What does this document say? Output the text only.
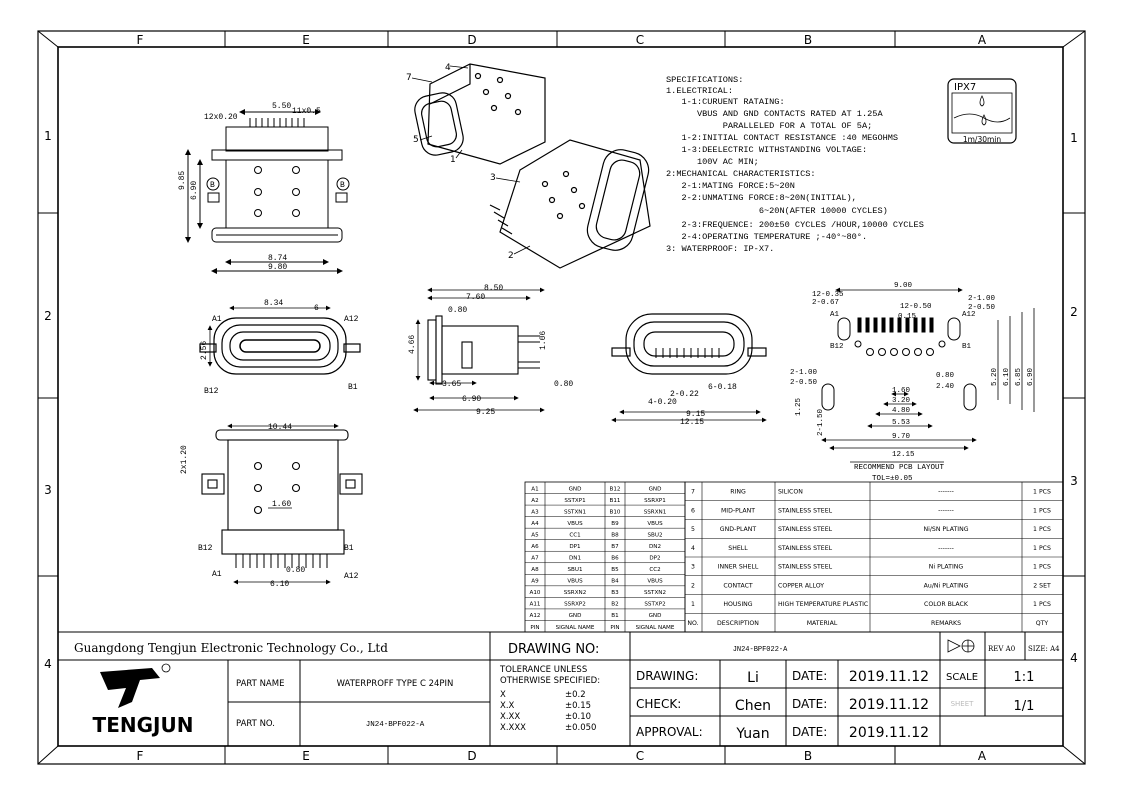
F	E	D	C	B	A
F	E	D	C	B	A
1
2
3
4
1
2
3
4
5.50
12x0.20
11x0.5
8.74
9.80
9.85
6.90 B	B
7
4
5
1
3
2
SPECIFICATIONS:
1.ELECTRICAL:
1-1:CURUENT RATAING:
VBUS AND GND CONTACTS RATED AT 1.25A
PARALLELED FOR A TOTAL OF 5A;
1-2:INITIAL CONTACT RESISTANCE :40 MEGOHMS
1-3:DEELECTRIC WITHSTANDING VOLTAGE:
100V AC MIN;
2:MECHANICAL CHARACTERISTICS:
2-1:MATING FORCE:5~20N
2-2:UNMATING FORCE:8~20N(INITIAL),
6~20N(AFTER 10000 CYCLES)
2-3:FREQUENCE: 200±50 CYCLES /HOUR,10000 CYCLES
2-4:OPERATING TEMPERATURE ;-40°~80°.
3: WATERPROOF: IP-X7.
IPX7
1m/30min
8.34
6
A1	A12
B12	B1
2.56
8.50
7.60
0.80
4.66	1.06
3.65
6.90
9.25
0.80
2-0.22
4-0.20
6-0.18
9.15
12.15
9.00
12-0.35
2-0.67	12-0.50
2-1.00
2-0.50
0.15
A1	A12
B12	B1
2-1.00
2-0.50
0.80
2.40
1.60
3.20
4.80
5.53
9.70
12.15
2-1.50
1.25
5.20 6.10 6.85 6.90
RECOMMEND PCB LAYOUT
TOL=±0.05
10.44
2x1.20
1.60
0.80
6.10
B12	B1
A1	A12
A1	GND	B12	GND
A2	SSTXP1	B11	SSRXP1
A3	SSTXN1	B10	SSRXN1
A4	VBUS	B9	VBUS
A5	CC1	B8	SBU2
A6	DP1	B7	DN2
A7	DN1	B6	DP2
A8	SBU1	B5	CC2
A9	VBUS	B4	VBUS
A10	SSRXN2	B3	SSTXN2
A11	SSRXP2	B2	SSTXP2
A12	GND	B1	GND
PIN	SIGNAL NAME	PIN	SIGNAL NAME
7	RING	SILICON	-------	1 PCS
6	MID-PLANT	STAINLESS STEEL	-------	1 PCS
5	GND-PLANT	STAINLESS STEEL	Ni/SN PLATING	1 PCS
4	SHELL	STAINLESS STEEL	-------	1 PCS
3	INNER SHELL	STAINLESS STEEL	Ni PLATING	1 PCS
2	CONTACT	COPPER ALLOY	Au/Ni PLATING	2 SET
1	HOUSING	HIGH TEMPERATURE PLASTIC	COLOR BLACK	1 PCS
NO.	DESCRIPTION	MATERIAL	REMARKS	QTY
Guangdong Tengjun Electronic Technology Co., Ltd	DRAWING NO:	JN24-BPF022-A	REV A0 SIZE: A4
TENGJUN
PART NAME	WATERPROFF TYPE C 24PIN
PART NO.	JN24-BPF022-A
TOLERANCE UNLESS
OTHERWISE SPECIFIED:
X	±0.2
X.X	±0.15
X.XX	±0.10
X.XXX	±0.050
DRAWING:	Li	DATE: 2019.11.12 SCALE	1:1
CHECK:	Chen DATE: 2019.11.12	SHEET	1/1
APPROVAL: Yuan DATE: 2019.11.12
